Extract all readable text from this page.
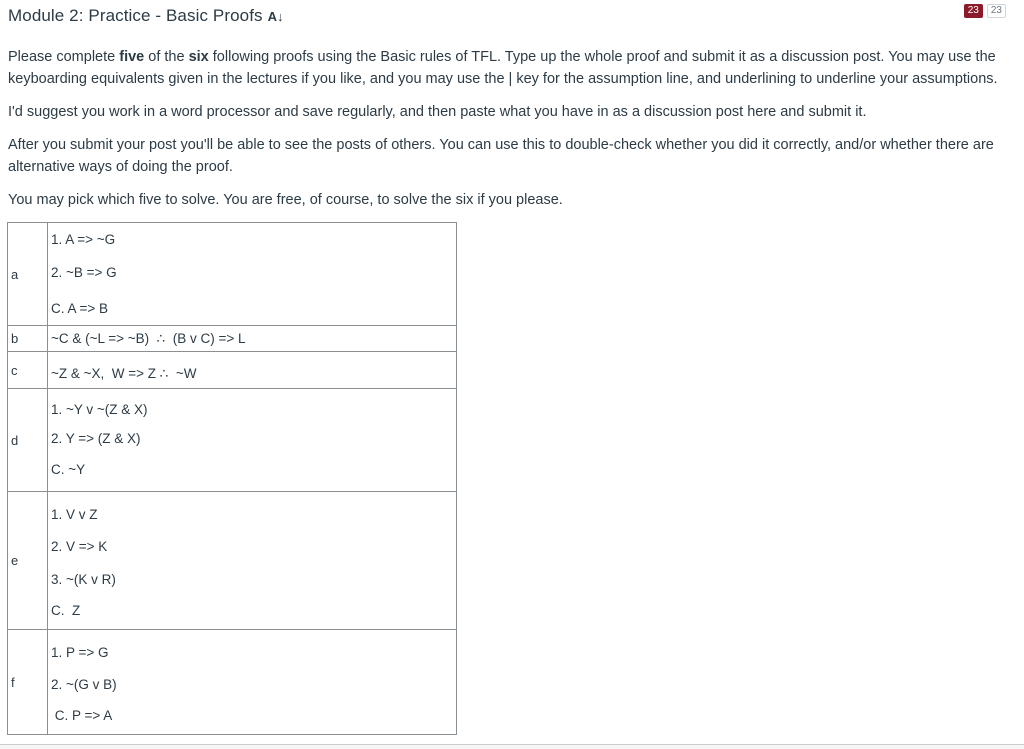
Module 2: Practice - Basic Proofs A↓	23	23

Please complete five of the six following proofs using the Basic rules of TFL. Type up the whole proof and submit it as a discussion post. You may use the keyboarding equivalents given in the lectures if you like, and you may use the | key for the assumption line, and underlining to underline your assumptions.

I'd suggest you work in a word processor and save regularly, and then paste what you have in as a discussion post here and submit it.

After you submit your post you'll be able to see the posts of others. You can use this to double-check whether you did it correctly, and/or whether there are alternative ways of doing the proof.

You may pick which five to solve. You are free, of course, to solve the six if you please.

a	1. A => ~G
2. ~B => G
C. A => B

b	~C & (~L => ~B)  ∴  (B v C) => L

c	~Z & ~X,  W => Z ∴  ~W

d	1. ~Y v ~(Z & X)
2. Y => (Z & X)
C. ~Y

e	1. V v Z
2. V => K
3. ~(K v R)
C.  Z

f	1. P => G
2. ~(G v B)
C. P => A
